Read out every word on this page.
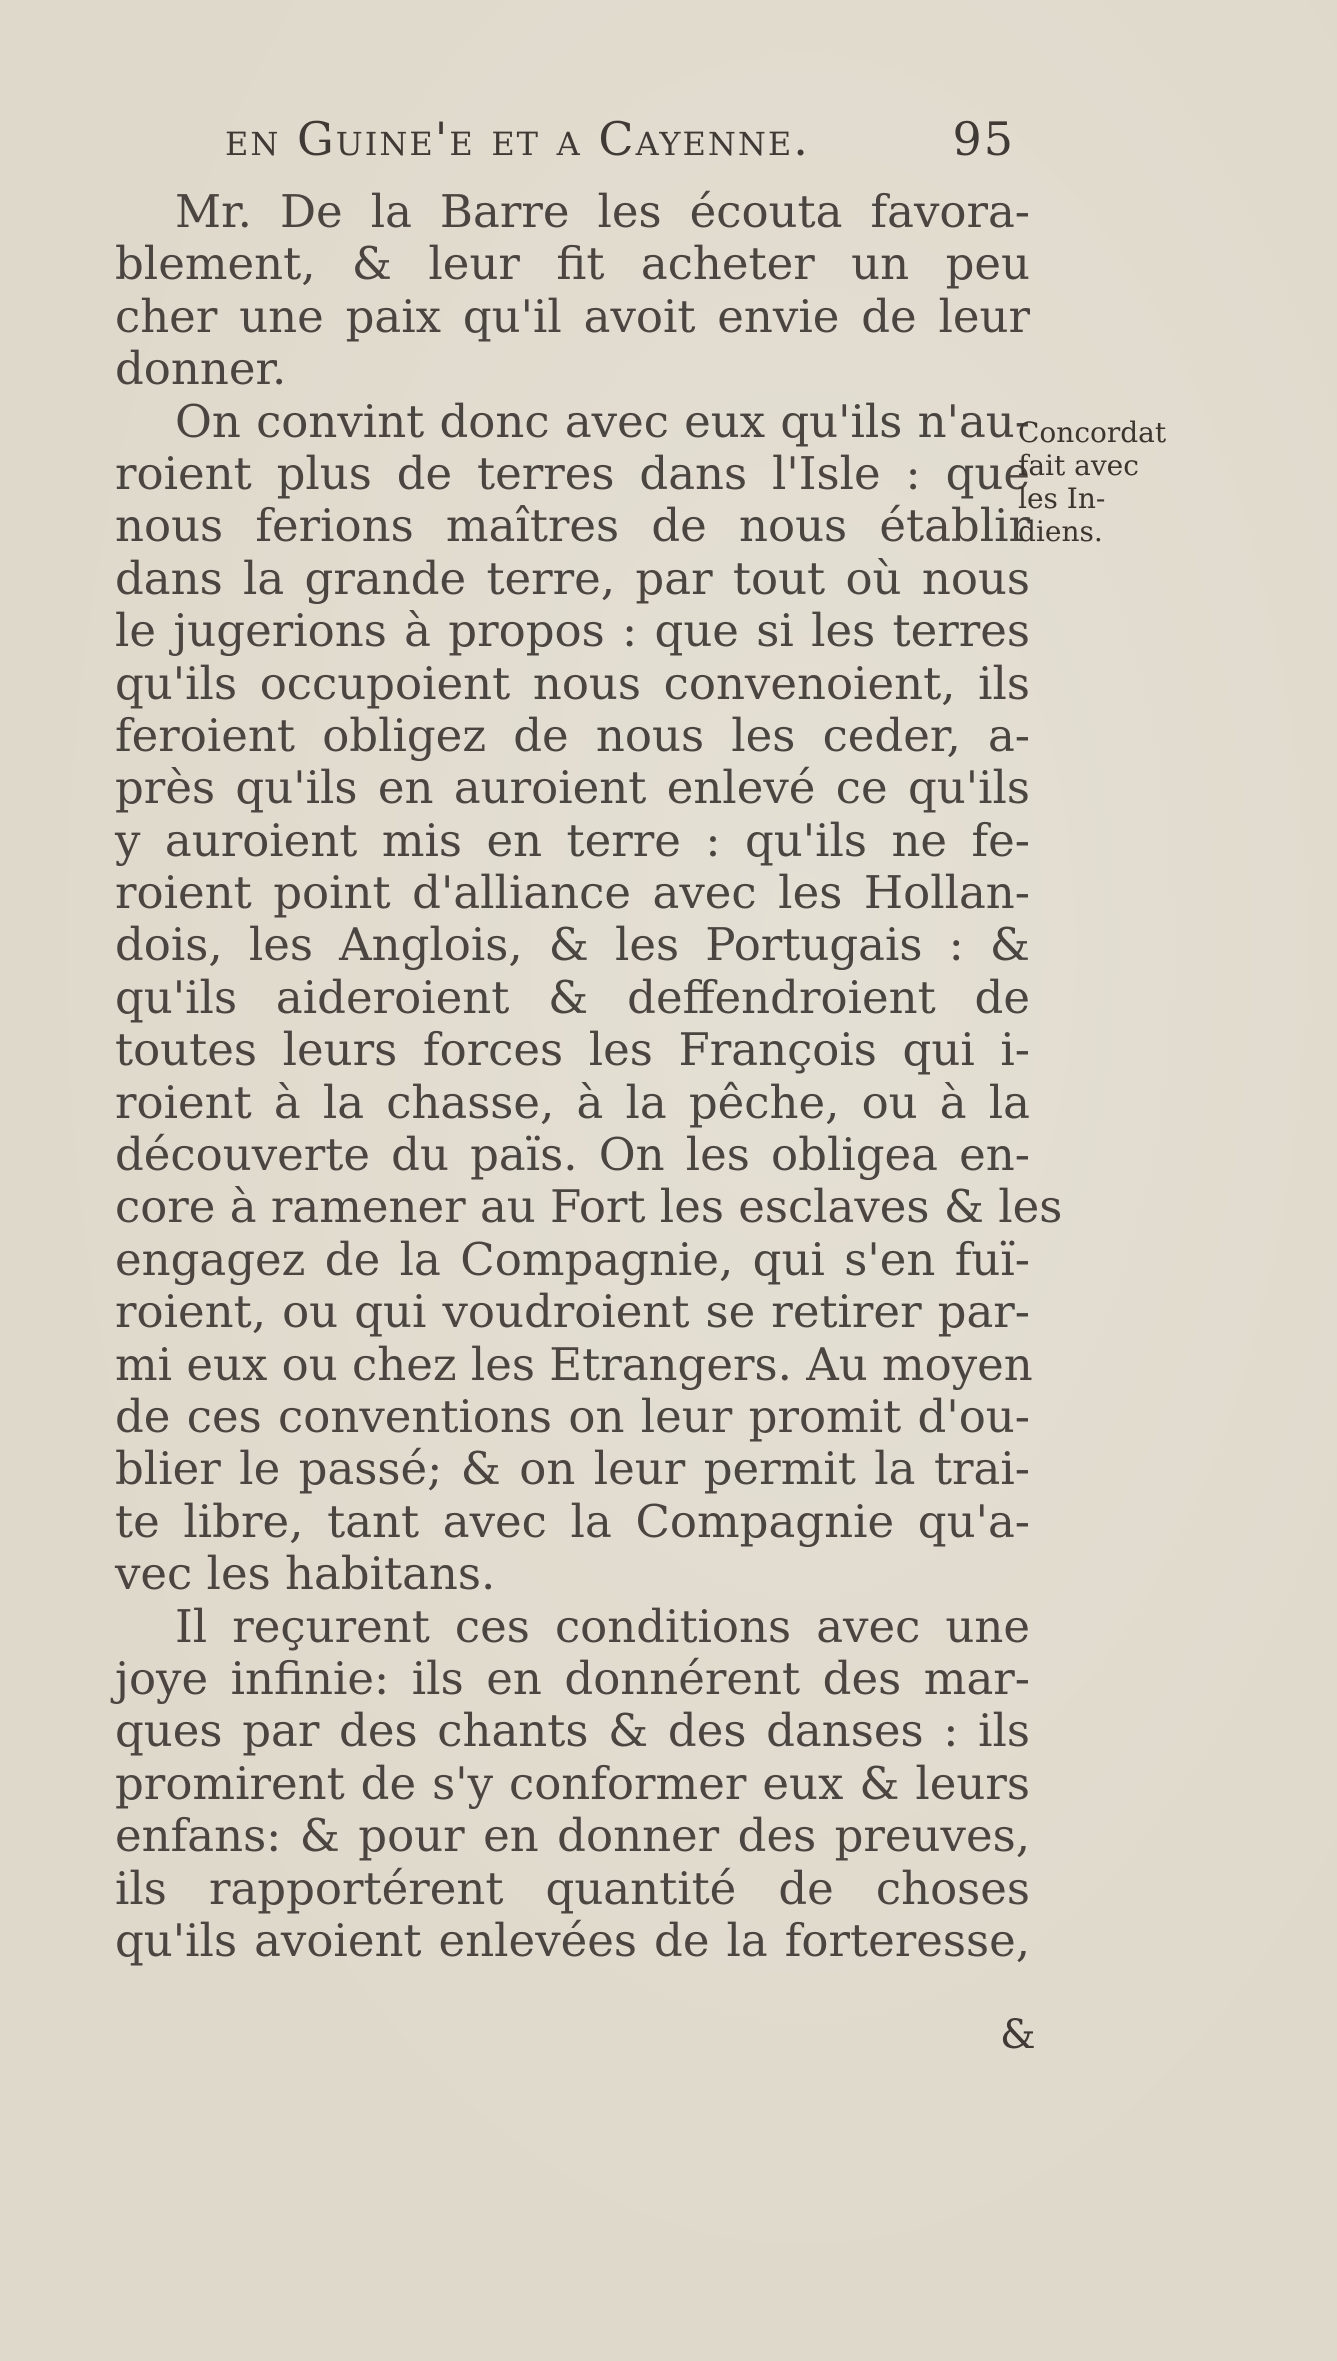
en Guine'e et a Cayenne.	95
Mr. De la Barre les écouta favora-
blement, & leur fit acheter un peu
cher une paix qu'il avoit envie de leur
donner.
On convint donc avec eux qu'ils n'au-
roient plus de terres dans l'Isle : que
nous ferions maîtres de nous établir
dans la grande terre, par tout où nous
le jugerions à propos : que si les terres
qu'ils occupoient nous convenoient, ils
feroient obligez de nous les ceder, a-
près qu'ils en auroient enlevé ce qu'ils
y auroient mis en terre : qu'ils ne fe-
roient point d'alliance avec les Hollan-
dois, les Anglois, & les Portugais : &
qu'ils aideroient & deffendroient de
toutes leurs forces les François qui i-
roient à la chasse, à la pêche, ou à la
découverte du païs. On les obligea en-
core à ramener au Fort les esclaves & les
engagez de la Compagnie, qui s'en fuï-
roient, ou qui voudroient se retirer par-
mi eux ou chez les Etrangers. Au moyen
de ces conventions on leur promit d'ou-
blier le passé; & on leur permit la trai-
te libre, tant avec la Compagnie qu'a-
vec les habitans.
Il reçurent ces conditions avec une
joye infinie: ils en donnérent des mar-
ques par des chants & des danses : ils
promirent de s'y conformer eux & leurs
enfans: & pour en donner des preuves,
ils rapportérent quantité de choses
qu'ils avoient enlevées de la forteresse,
Concordat
fait avec
les In-
diens.
&
